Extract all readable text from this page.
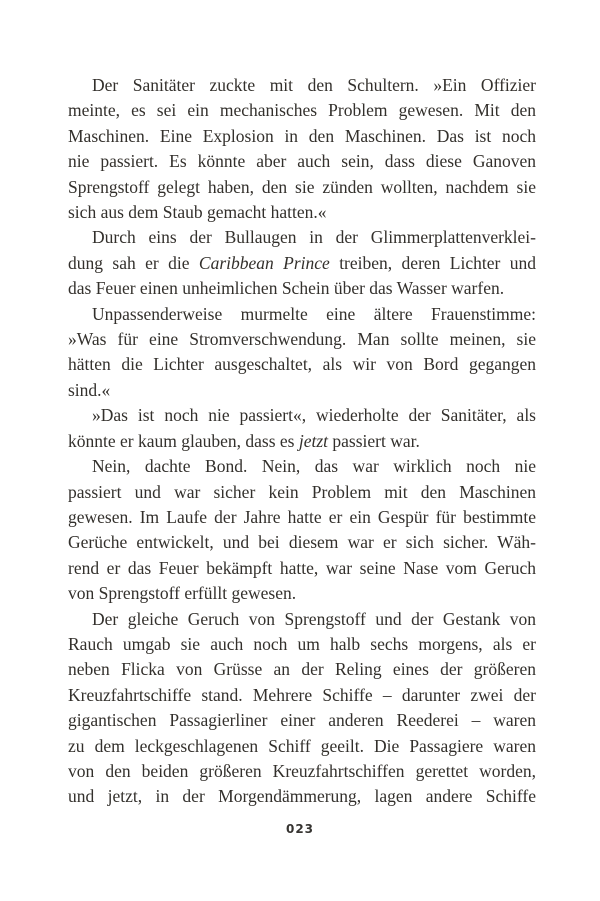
Der Sanitäter zuckte mit den Schultern. »Ein Offizier
meinte, es sei ein mechanisches Problem gewesen. Mit den
Maschinen. Eine Explosion in den Maschinen. Das ist noch
nie passiert. Es könnte aber auch sein, dass diese Ganoven
Sprengstoff gelegt haben, den sie zünden wollten, nachdem sie
sich aus dem Staub gemacht hatten.«
Durch eins der Bullaugen in der Glimmerplattenverklei-
dung sah er die Caribbean Prince treiben, deren Lichter und
das Feuer einen unheimlichen Schein über das Wasser warfen.
Unpassenderweise murmelte eine ältere Frauenstimme:
»Was für eine Stromverschwendung. Man sollte meinen, sie
hätten die Lichter ausgeschaltet, als wir von Bord gegangen
sind.«
»Das ist noch nie passiert«, wiederholte der Sanitäter, als
könnte er kaum glauben, dass es jetzt passiert war.
Nein, dachte Bond. Nein, das war wirklich noch nie
passiert und war sicher kein Problem mit den Maschinen
gewesen. Im Laufe der Jahre hatte er ein Gespür für bestimmte
Gerüche entwickelt, und bei diesem war er sich sicher. Wäh-
rend er das Feuer bekämpft hatte, war seine Nase vom Geruch
von Sprengstoff erfüllt gewesen.
Der gleiche Geruch von Sprengstoff und der Gestank von
Rauch umgab sie auch noch um halb sechs morgens, als er
neben Flicka von Grüsse an der Reling eines der größeren
Kreuzfahrtschiffe stand. Mehrere Schiffe – darunter zwei der
gigantischen Passagierliner einer anderen Reederei – waren
zu dem leckgeschlagenen Schiff geeilt. Die Passagiere waren
von den beiden größeren Kreuzfahrtschiffen gerettet worden,
und jetzt, in der Morgendämmerung, lagen andere Schiffe
023
